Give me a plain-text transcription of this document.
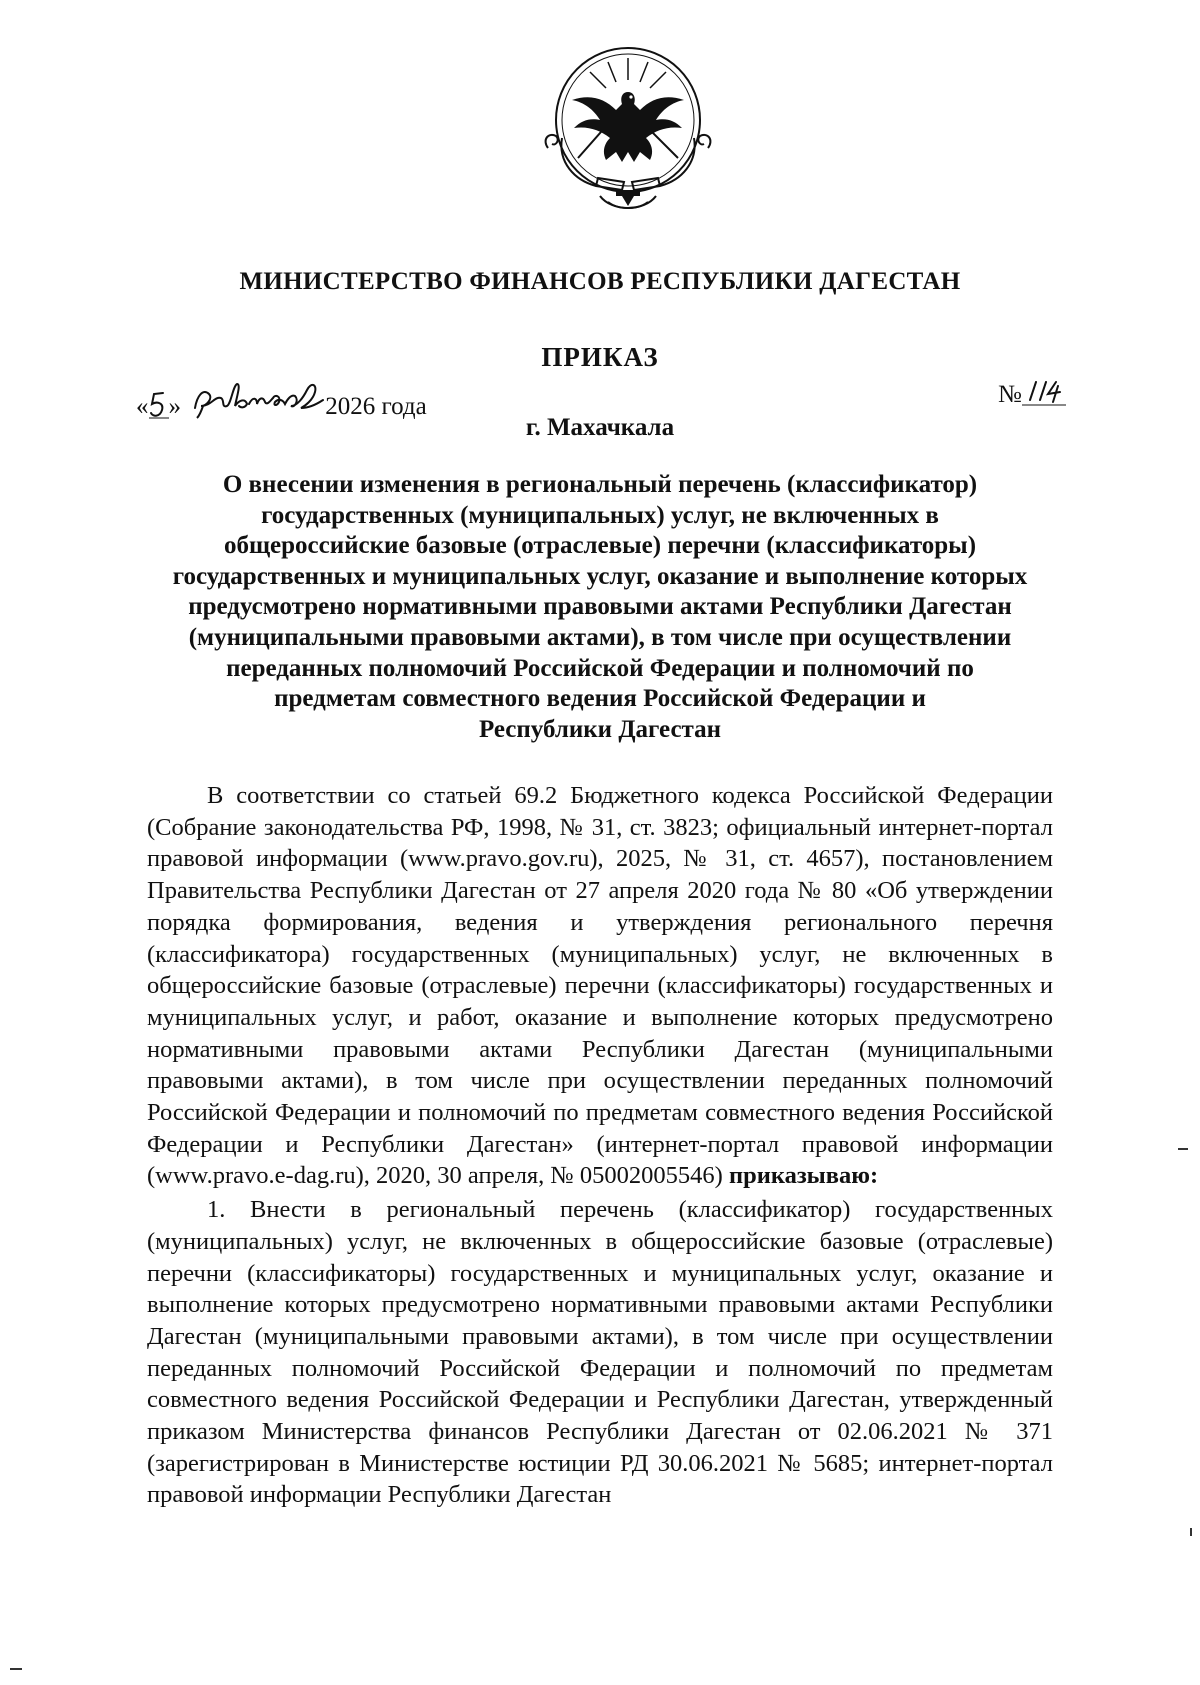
МИНИСТЕРСТВО ФИНАНСОВ РЕСПУБЛИКИ ДАГЕСТАН
ПРИКАЗ
« »	2026 года	№
г. Махачкала
О внесении изменения в региональный перечень (классификатор)
государственных (муниципальных) услуг, не включенных в
общероссийские базовые (отраслевые) перечни (классификаторы)
государственных и муниципальных услуг, оказание и выполнение которых
предусмотрено нормативными правовыми актами Республики Дагестан
(муниципальными правовыми актами), в том числе при осуществлении
переданных полномочий Российской Федерации и полномочий по
предметам совместного ведения Российской Федерации и
Республики Дагестан

В соответствии со статьей 69.2 Бюджетного кодекса Российской Федерации (Собрание законодательства РФ, 1998, № 31, ст. 3823; официальный интернет-портал правовой информации (www.pravo.gov.ru), 2025, № 31, ст. 4657), постановлением Правительства Республики Дагестан от 27 апреля 2020 года № 80 «Об утверждении порядка формирования, ведения и утверждения регионального перечня (классификатора) государственных (муниципальных) услуг, не включенных в общероссийские базовые (отраслевые) перечни (классификаторы) государственных и муниципальных услуг, и работ, оказание и выполнение которых предусмотрено нормативными правовыми актами Республики Дагестан (муниципальными правовыми актами), в том числе при осуществлении переданных полномочий Российской Федерации и полномочий по предметам совместного ведения Российской Федерации и Республики Дагестан» (интернет-портал правовой информации (www.pravo.e-dag.ru), 2020, 30 апреля, № 05002005546) приказываю:

1. Внести в региональный перечень (классификатор) государственных (муниципальных) услуг, не включенных в общероссийские базовые (отраслевые) перечни (классификаторы) государственных и муниципальных услуг, оказание и выполнение которых предусмотрено нормативными правовыми актами Республики Дагестан (муниципальными правовыми актами), в том числе при осуществлении переданных полномочий Российской Федерации и полномочий по предметам совместного ведения Российской Федерации и Республики Дагестан, утвержденный приказом Министерства финансов Республики Дагестан от 02.06.2021 № 371 (зарегистрирован в Министерстве юстиции РД 30.06.2021 № 5685; интернет-портал правовой информации Республики Дагестан
